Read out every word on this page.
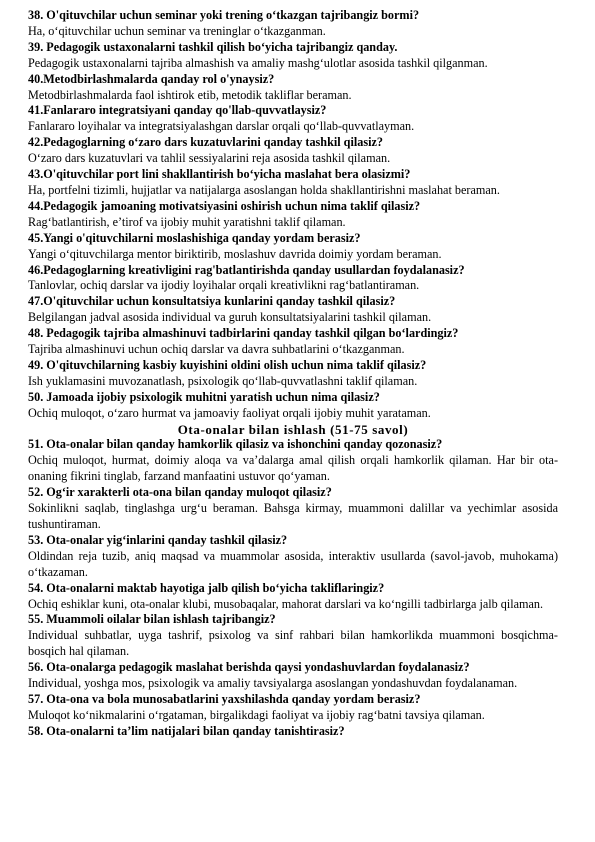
38. O'qituvchilar uchun seminar yoki trening o‘tkazgan tajribangiz bormi?

Ha, o‘qituvchilar uchun seminar va treninglar o‘tkazganman.

39. Pedagogik ustaxonalarni tashkil qilish bo‘yicha tajribangiz qanday.

Pedagogik ustaxonalarni tajriba almashish va amaliy mashg‘ulotlar asosida tashkil qilganman.

40.Metodbirlashmalarda qanday rol o'ynaysiz?

Metodbirlashmalarda faol ishtirok etib, metodik takliflar beraman.

41.Fanlararo integratsiyani qanday qo'llab-quvvatlaysiz?

Fanlararo loyihalar va integratsiyalashgan darslar orqali qo‘llab-quvvatlayman.

42.Pedagoglarning o‘zaro dars kuzatuvlarini qanday tashkil qilasiz?

O‘zaro dars kuzatuvlari va tahlil sessiyalarini reja asosida tashkil qilaman.

43.O'qituvchilar port lini shakllantirish bo‘yicha maslahat bera olasizmi?

Ha, portfelni tizimli, hujjatlar va natijalarga asoslangan holda shakllantirishni maslahat beraman.

44.Pedagogik jamoaning motivatsiyasini oshirish uchun nima taklif qilasiz?

Rag‘batlantirish, e’tirof va ijobiy muhit yaratishni taklif qilaman.

45.Yangi o'qituvchilarni moslashishiga qanday yordam berasiz?

Yangi o‘qituvchilarga mentor biriktirib, moslashuv davrida doimiy yordam beraman.

46.Pedagoglarning kreativligini rag'batlantirishda qanday usullardan foydalanasiz?

Tanlovlar, ochiq darslar va ijodiy loyihalar orqali kreativlikni rag‘batlantiraman.

47.O'qituvchilar uchun konsultatsiya kunlarini qanday tashkil qilasiz?

Belgilangan jadval asosida individual va guruh konsultatsiyalarini tashkil qilaman.

48. Pedagogik tajriba almashinuvi tadbirlarini qanday tashkil qilgan bo‘lardingiz?

Tajriba almashinuvi uchun ochiq darslar va davra suhbatlarini o‘tkazganman.

49. O'qituvchilarning kasbiy kuyishini oldini olish uchun nima taklif qilasiz?

Ish yuklamasini muvozanatlash, psixologik qo‘llab-quvvatlashni taklif qilaman.

50. Jamoada ijobiy psixologik muhitni yaratish uchun nima qilasiz?

Ochiq muloqot, o‘zaro hurmat va jamoaviy faoliyat orqali ijobiy muhit yarataman.

Ota-onalar bilan ishlash (51-75 savol)

51. Ota-onalar bilan qanday hamkorlik qilasiz va ishonchini qanday qozonasiz?

Ochiq muloqot, hurmat, doimiy aloqa va va’dalarga amal qilish orqali hamkorlik qilaman. Har bir ota-onaning fikrini tinglab, farzand manfaatini ustuvor qo‘yaman.

52. Og‘ir xarakterli ota-ona bilan qanday muloqot qilasiz?

Sokinlikni saqlab, tinglashga urg‘u beraman. Bahsga kirmay, muammoni dalillar va yechimlar asosida tushuntiraman.

53. Ota-onalar yig‘inlarini qanday tashkil qilasiz?

Oldindan reja tuzib, aniq maqsad va muammolar asosida, interaktiv usullarda (savol-javob, muhokama) o‘tkazaman.

54. Ota-onalarni maktab hayotiga jalb qilish bo‘yicha takliflaringiz?

Ochiq eshiklar kuni, ota-onalar klubi, musobaqalar, mahorat darslari va ko‘ngilli tadbirlarga jalb qilaman.

55. Muammoli oilalar bilan ishlash tajribangiz?

Individual suhbatlar, uyga tashrif, psixolog va sinf rahbari bilan hamkorlikda muammoni bosqichma-bosqich hal qilaman.

56. Ota-onalarga pedagogik maslahat berishda qaysi yondashuvlardan foydalanasiz?

Individual, yoshga mos, psixologik va amaliy tavsiyalarga asoslangan yondashuvdan foydalanaman.

57. Ota-ona va bola munosabatlarini yaxshilashda qanday yordam berasiz?

Muloqot ko‘nikmalarini o‘rgataman, birgalikdagi faoliyat va ijobiy rag‘batni tavsiya qilaman.

58. Ota-onalarni ta’lim natijalari bilan qanday tanishtirasiz?
